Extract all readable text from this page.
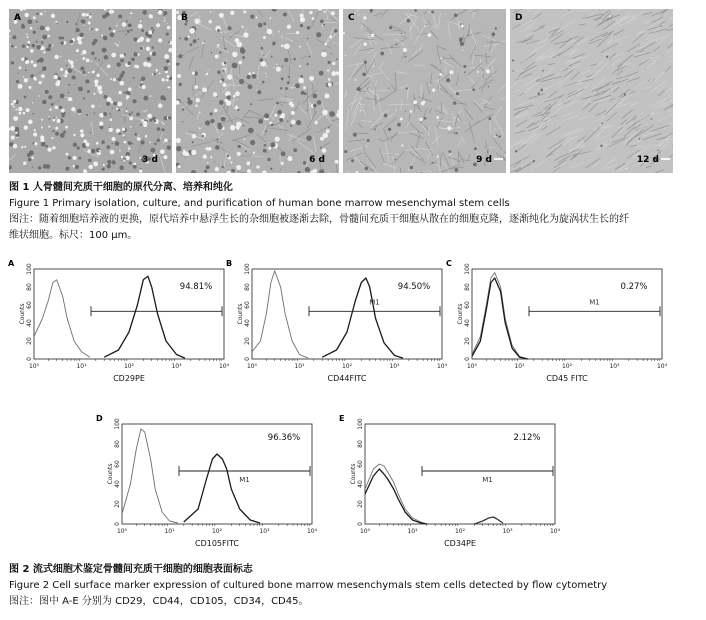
A
3 d
B
6 d
C
9 d
D
12 d
图 1 人骨髓间充质干细胞的原代分离、培养和纯化
Figure 1 Primary isolation, culture, and purification of human bone marrow mesenchymal stem cells
图注：随着细胞培养液的更换，原代培养中悬浮生长的杂细胞被逐渐去除，骨髓间充质干细胞从散在的细胞克隆，逐渐纯化为旋涡状生长的纤
维状细胞。标尺：100 μm。
A
0
20
40
60
80
100
Counts
10⁰	10¹	10²	10³	10⁴
CD29PE
94.81%
B
0
20
40
60
80
100
Counts
10⁰	10¹	10²	10³	10⁴
CD44FITC
M1
94.50%
C
0
20
40
60
80
100
Counts
10⁰	10¹	10²	10³	10⁴
CD45 FITC
M1
0.27%
D
0
20
40
60
80
100
Counts
10⁰	10¹	10²	10³	10⁴
CD105FITC
M1
96.36%
E
0
20
40
60
80
100
Counts
10⁰	10¹	10²	10³	10⁴
CD34PE
M1
2.12%
图 2 流式细胞术鉴定骨髓间充质干细胞的细胞表面标志
Figure 2 Cell surface marker expression of cultured bone marrow mesenchymals stem cells detected by flow cytometry
图注：图中 A-E 分别为 CD29，CD44，CD105，CD34，CD45。
